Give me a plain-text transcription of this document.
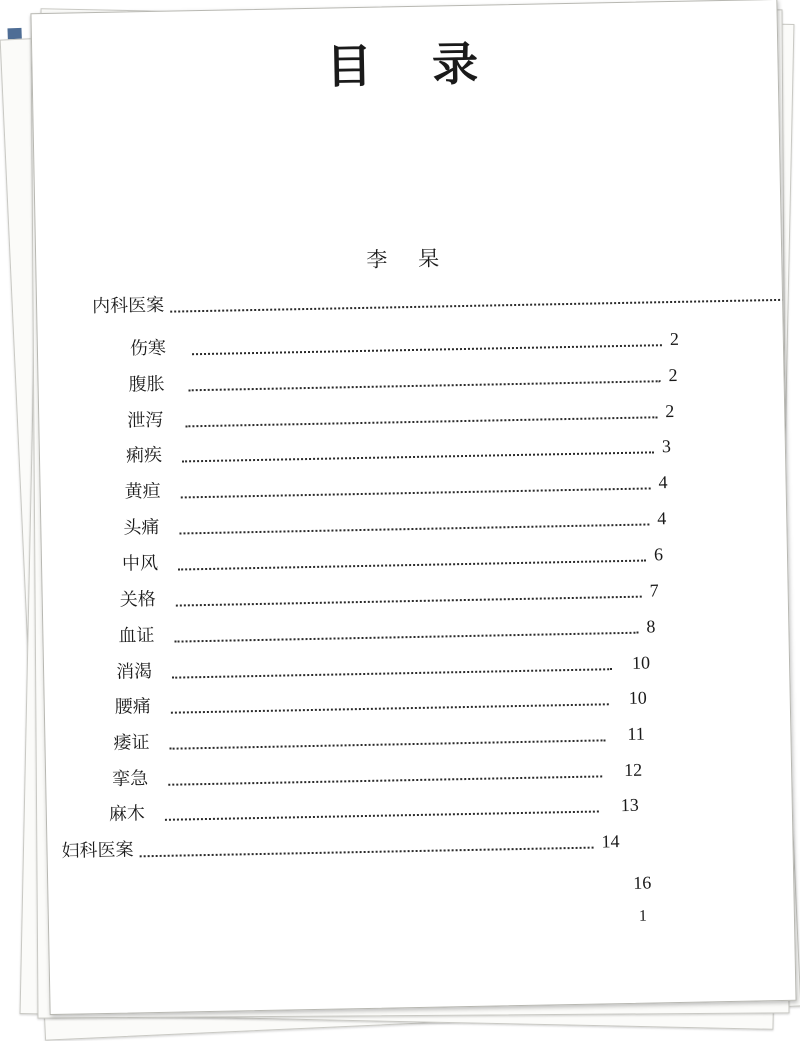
目 录
李 杲
内科医案
伤寒	2
腹胀	2
泄泻	2
痢疾	3
黄疸	4
头痛	4
中风	6
关格	7
血证	8
消渴	10
腰痛	10
痿证	11
挛急	12
麻木	13
妇科医案	14
16
1
